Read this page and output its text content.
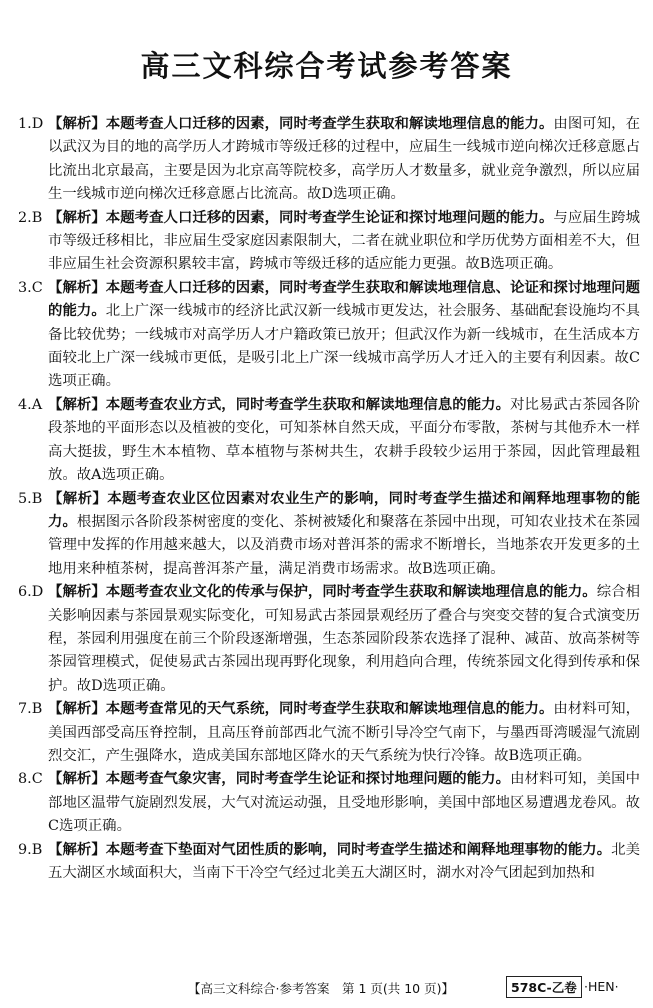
高三文科综合考试参考答案
1.D 【解析】本题考查人口迁移的因素，同时考查学生获取和解读地理信息的能力。由图可知，在以武汉为目的地的高学历人才跨城市等级迁移的过程中，应届生一线城市逆向梯次迁移意愿占比流出北京最高，主要是因为北京高等院校多，高学历人才数量多，就业竞争激烈，所以应届生一线城市逆向梯次迁移意愿占比流高。故D选项正确。
2.B 【解析】本题考查人口迁移的因素，同时考查学生论证和探讨地理问题的能力。与应届生跨城市等级迁移相比，非应届生受家庭因素限制大，二者在就业职位和学历优势方面相差不大，但非应届生社会资源积累较丰富，跨城市等级迁移的适应能力更强。故B选项正确。
3.C 【解析】本题考查人口迁移的因素，同时考查学生获取和解读地理信息、论证和探讨地理问题的能力。北上广深一线城市的经济比武汉新一线城市更发达，社会服务、基础配套设施均不具备比较优势；一线城市对高学历人才户籍政策已放开；但武汉作为新一线城市，在生活成本方面较北上广深一线城市更低，是吸引北上广深一线城市高学历人才迁入的主要有利因素。故C选项正确。
4.A 【解析】本题考查农业方式，同时考查学生获取和解读地理信息的能力。对比易武古茶园各阶段茶地的平面形态以及植被的变化，可知茶林自然天成，平面分布零散，茶树与其他乔木一样高大挺拔，野生木本植物、草本植物与茶树共生，农耕手段较少运用于茶园，因此管理最粗放。故A选项正确。
5.B 【解析】本题考查农业区位因素对农业生产的影响，同时考查学生描述和阐释地理事物的能力。根据图示各阶段茶树密度的变化、茶树被矮化和聚落在茶园中出现，可知农业技术在茶园管理中发挥的作用越来越大，以及消费市场对普洱茶的需求不断增长，当地茶农开发更多的土地用来种植茶树，提高普洱茶产量，满足消费市场需求。故B选项正确。
6.D 【解析】本题考查农业文化的传承与保护，同时考查学生获取和解读地理信息的能力。综合相关影响因素与茶园景观实际变化，可知易武古茶园景观经历了叠合与突变交替的复合式演变历程，茶园利用强度在前三个阶段逐渐增强，生态茶园阶段茶农选择了混种、减苗、放高茶树等茶园管理模式，促使易武古茶园出现再野化现象，利用趋向合理，传统茶园文化得到传承和保护。故D选项正确。
7.B 【解析】本题考查常见的天气系统，同时考查学生获取和解读地理信息的能力。由材料可知，美国西部受高压脊控制，且高压脊前部西北气流不断引导冷空气南下，与墨西哥湾暖湿气流剧烈交汇，产生强降水，造成美国东部地区降水的天气系统为快行冷锋。故B选项正确。
8.C 【解析】本题考查气象灾害，同时考查学生论证和探讨地理问题的能力。由材料可知，美国中部地区温带气旋剧烈发展，大气对流运动强，且受地形影响，美国中部地区易遭遇龙卷风。故C选项正确。
9.B 【解析】本题考查下垫面对气团性质的影响，同时考查学生描述和阐释地理事物的能力。北美五大湖区水域面积大，当南下干冷空气经过北美五大湖区时，湖水对冷气团起到加热和
【高三文科综合·参考答案　第 1 页(共 10 页)】	578C-乙卷 ·HEN·
